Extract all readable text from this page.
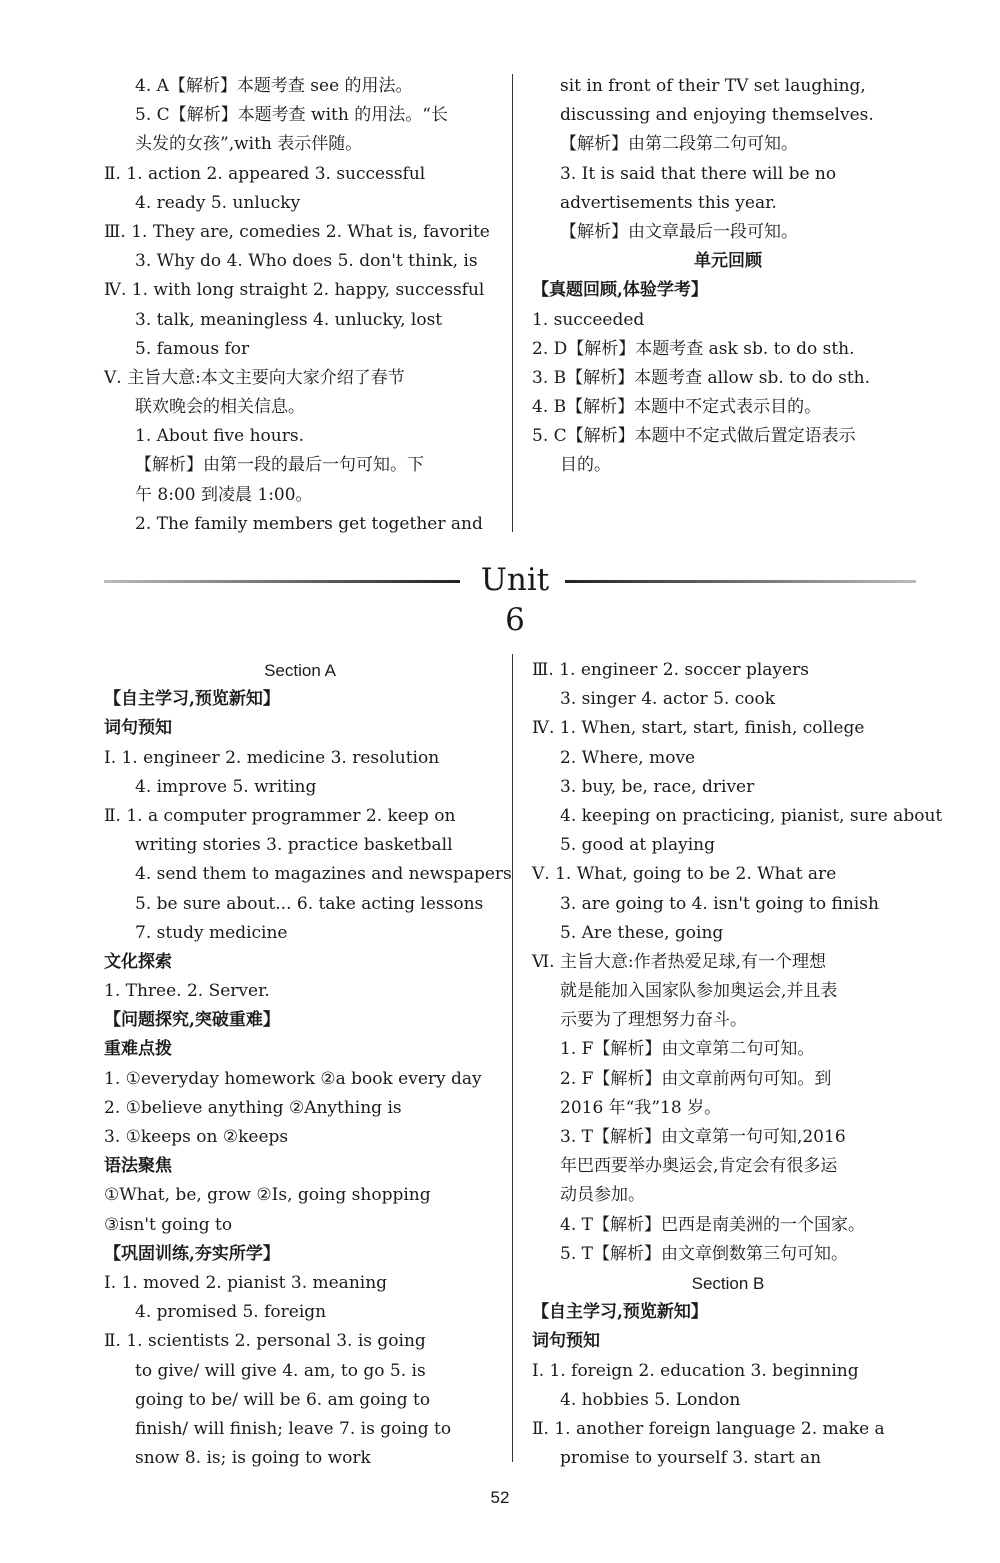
4. A【解析】本题考查 see 的用法。
5. C【解析】本题考查 with 的用法。“长
头发的女孩”,with 表示伴随。
Ⅱ. 1. action 2. appeared 3. successful
4. ready 5. unlucky
Ⅲ. 1. They are, comedies 2. What is, favorite
3. Why do 4. Who does 5. don't think, is
Ⅳ. 1. with long straight 2. happy, successful
3. talk, meaningless 4. unlucky, lost
5. famous for
Ⅴ. 主旨大意:本文主要向大家介绍了春节
联欢晚会的相关信息。
1. About five hours.
【解析】由第一段的最后一句可知。下
午 8:00 到凌晨 1:00。
2. The family members get together and
sit in front of their TV set laughing,
discussing and enjoying themselves.
【解析】由第二段第二句可知。
3. It is said that there will be no
advertisements this year.
【解析】由文章最后一段可知。
单元回顾
【真题回顾,体验学考】
1. succeeded
2. D【解析】本题考查 ask sb. to do sth.
3. B【解析】本题考查 allow sb. to do sth.
4. B【解析】本题中不定式表示目的。
5. C【解析】本题中不定式做后置定语表示
目的。
Unit 6
Section A
【自主学习,预览新知】
词句预知
Ⅰ. 1. engineer 2. medicine 3. resolution
4. improve 5. writing
Ⅱ. 1. a computer programmer 2. keep on
writing stories 3. practice basketball
4. send them to magazines and newspapers
5. be sure about... 6. take acting lessons
7. study medicine
文化探索
1. Three. 2. Server.
【问题探究,突破重难】
重难点拨
1. ①everyday homework ②a book every day
2. ①believe anything ②Anything is
3. ①keeps on ②keeps
语法聚焦
①What, be, grow ②Is, going shopping
③isn't going to
【巩固训练,夯实所学】
Ⅰ. 1. moved 2. pianist 3. meaning
4. promised 5. foreign
Ⅱ. 1. scientists 2. personal 3. is going
to give/ will give 4. am, to go 5. is
going to be/ will be 6. am going to
finish/ will finish; leave 7. is going to
snow 8. is; is going to work
Ⅲ. 1. engineer 2. soccer players
3. singer 4. actor 5. cook
Ⅳ. 1. When, start, start, finish, college
2. Where, move
3. buy, be, race, driver
4. keeping on practicing, pianist, sure about
5. good at playing
Ⅴ. 1. What, going to be 2. What are
3. are going to 4. isn't going to finish
5. Are these, going
Ⅵ. 主旨大意:作者热爱足球,有一个理想
就是能加入国家队参加奥运会,并且表
示要为了理想努力奋斗。
1. F【解析】由文章第二句可知。
2. F【解析】由文章前两句可知。到
2016 年“我”18 岁。
3. T【解析】由文章第一句可知,2016
年巴西要举办奥运会,肯定会有很多运
动员参加。
4. T【解析】巴西是南美洲的一个国家。
5. T【解析】由文章倒数第三句可知。
Section B
【自主学习,预览新知】
词句预知
Ⅰ. 1. foreign 2. education 3. beginning
4. hobbies 5. London
Ⅱ. 1. another foreign language 2. make a
promise to yourself 3. start an
52
